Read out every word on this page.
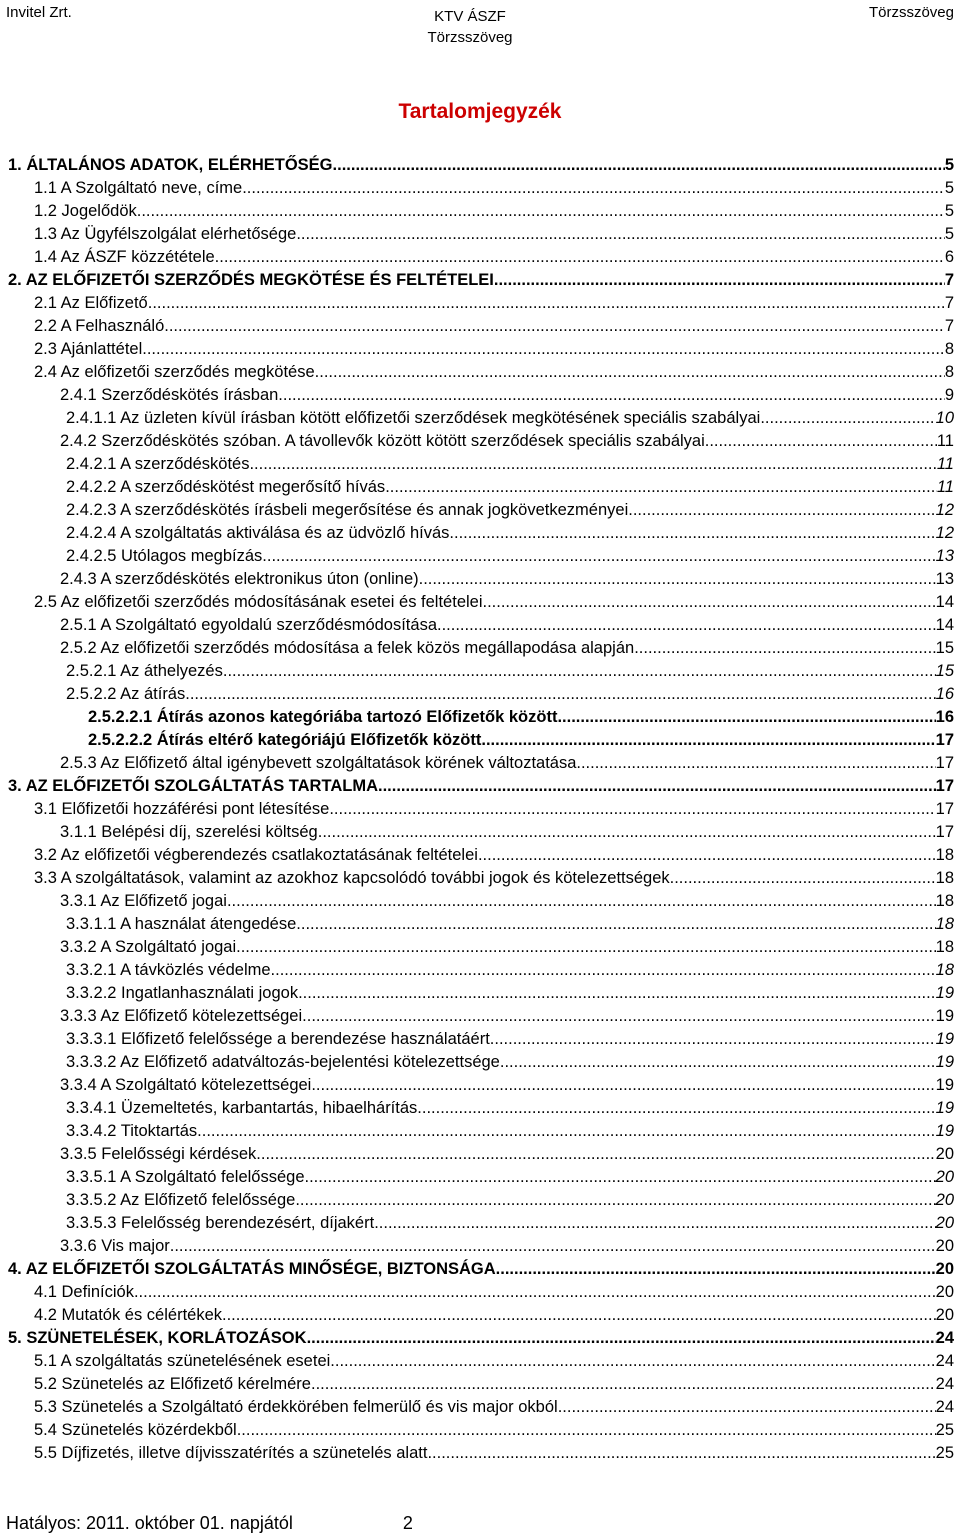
Invitel Zrt.	KTV ÁSZF
Törzsszöveg
Törzsszöveg
Tartalomjegyzék
1. ÁLTALÁNOS ADATOK, ELÉRHETŐSÉG. .....	5
1.1 A Szolgáltató neve, címe .....	5
1.2 Jogelődök .....	5
1.3 Az Ügyfélszolgálat elérhetősége .....	5
1.4 Az ÁSZF közzététele .....	6
2. AZ ELŐFIZETŐI SZERZŐDÉS MEGKÖTÉSE ÉS FELTÉTELEI .....	7
2.1 Az Előfizető .....	7
2.2 A Felhasználó .....	7
2.3 Ajánlattétel .....	8
2.4 Az előfizetői szerződés megkötése .....	8
2.4.1 Szerződéskötés írásban .....	9
2.4.1.1 Az üzleten kívül írásban kötött előfizetői szerződések megkötésének speciális szabályai .....	10
2.4.2 Szerződéskötés szóban. A távollevők között kötött szerződések speciális szabályai .....	11
2.4.2.1 A szerződéskötés .....	11
2.4.2.2 A szerződéskötést megerősítő hívás .....	11
2.4.2.3 A szerződéskötés írásbeli megerősítése és annak jogkövetkezményei .....	12
2.4.2.4 A szolgáltatás aktiválása és az üdvözlő hívás .....	12
2.4.2.5 Utólagos megbízás .....	13
2.4.3 A szerződéskötés elektronikus úton (online) .....	13
2.5 Az előfizetői szerződés módosításának esetei és feltételei .....	14
2.5.1 A Szolgáltató egyoldalú szerződésmódosítása .....	14
2.5.2 Az előfizetői szerződés módosítása a felek közös megállapodása alapján .....	15
2.5.2.1 Az áthelyezés .....	15
2.5.2.2 Az átírás .....	16
2.5.2.2.1 Átírás azonos kategóriába tartozó Előfizetők között .....	16
2.5.2.2.2 Átírás eltérő kategóriájú Előfizetők között .....	17
2.5.3 Az Előfizető által igénybevett szolgáltatások körének változtatása .....	17
3. AZ ELŐFIZETŐI SZOLGÁLTATÁS TARTALMA .....	17
3.1 Előfizetői hozzáférési pont létesítése .....	17
3.1.1 Belépési díj, szerelési költség .....	17
3.2 Az előfizetői végberendezés csatlakoztatásának feltételei .....	18
3.3 A szolgáltatások, valamint az azokhoz kapcsolódó további jogok és kötelezettségek .....	18
3.3.1 Az Előfizető jogai .....	18
3.3.1.1 A használat átengedése .....	18
3.3.2 A Szolgáltató jogai .....	18
3.3.2.1 A távközlés védelme .....	18
3.3.2.2 Ingatlanhasználati jogok .....	19
3.3.3 Az Előfizető kötelezettségei .....	19
3.3.3.1 Előfizető felelőssége a berendezése használatáért .....	19
3.3.3.2 Az Előfizető adatváltozás-bejelentési kötelezettsége .....	19
3.3.4 A Szolgáltató kötelezettségei .....	19
3.3.4.1 Üzemeltetés, karbantartás, hibaelhárítás .....	19
3.3.4.2 Titoktartás .....	19
3.3.5 Felelősségi kérdések .....	20
3.3.5.1 A Szolgáltató felelőssége .....	20
3.3.5.2 Az Előfizető felelőssége .....	20
3.3.5.3 Felelősség berendezésért, díjakért .....	20
3.3.6 Vis major .....	20
4. AZ ELŐFIZETŐI SZOLGÁLTATÁS MINŐSÉGE, BIZTONSÁGA .....	20
4.1 Definíciók .....	20
4.2 Mutatók és célértékek .....	20
5. SZÜNETELÉSEK, KORLÁTOZÁSOK .....	24
5.1 A szolgáltatás szünetelésének esetei .....	24
5.2 Szünetelés az Előfizető kérelmére .....	24
5.3 Szünetelés a Szolgáltató érdekkörében felmerülő és vis major okból .....	24
5.4 Szünetelés közérdekből .....	25
5.5 Díjfizetés, illetve díjvisszatérítés a szünetelés alatt .....	25
Hatályos: 2011. október 01. napjától	2
